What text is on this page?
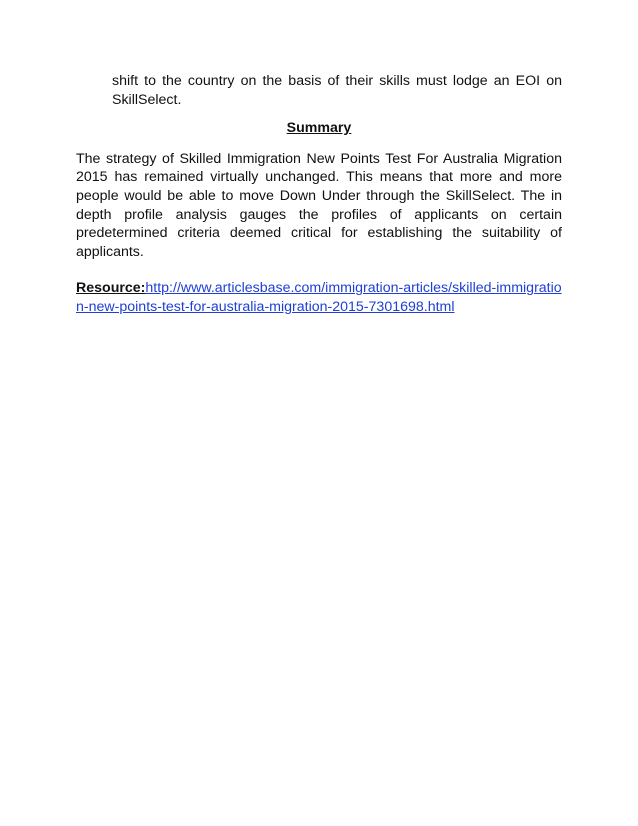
shift to the country on the basis of their skills must lodge an EOI on SkillSelect.

Summary

The strategy of Skilled Immigration New Points Test For Australia Migration 2015 has remained virtually unchanged. This means that more and more people would be able to move Down Under through the SkillSelect. The in depth profile analysis gauges the profiles of applicants on certain predetermined criteria deemed critical for establishing the suitability of applicants.

Resource:http://www.articlesbase.com/immigration-articles/skilled-immigration-new-points-test-for-australia-migration-2015-7301698.html
